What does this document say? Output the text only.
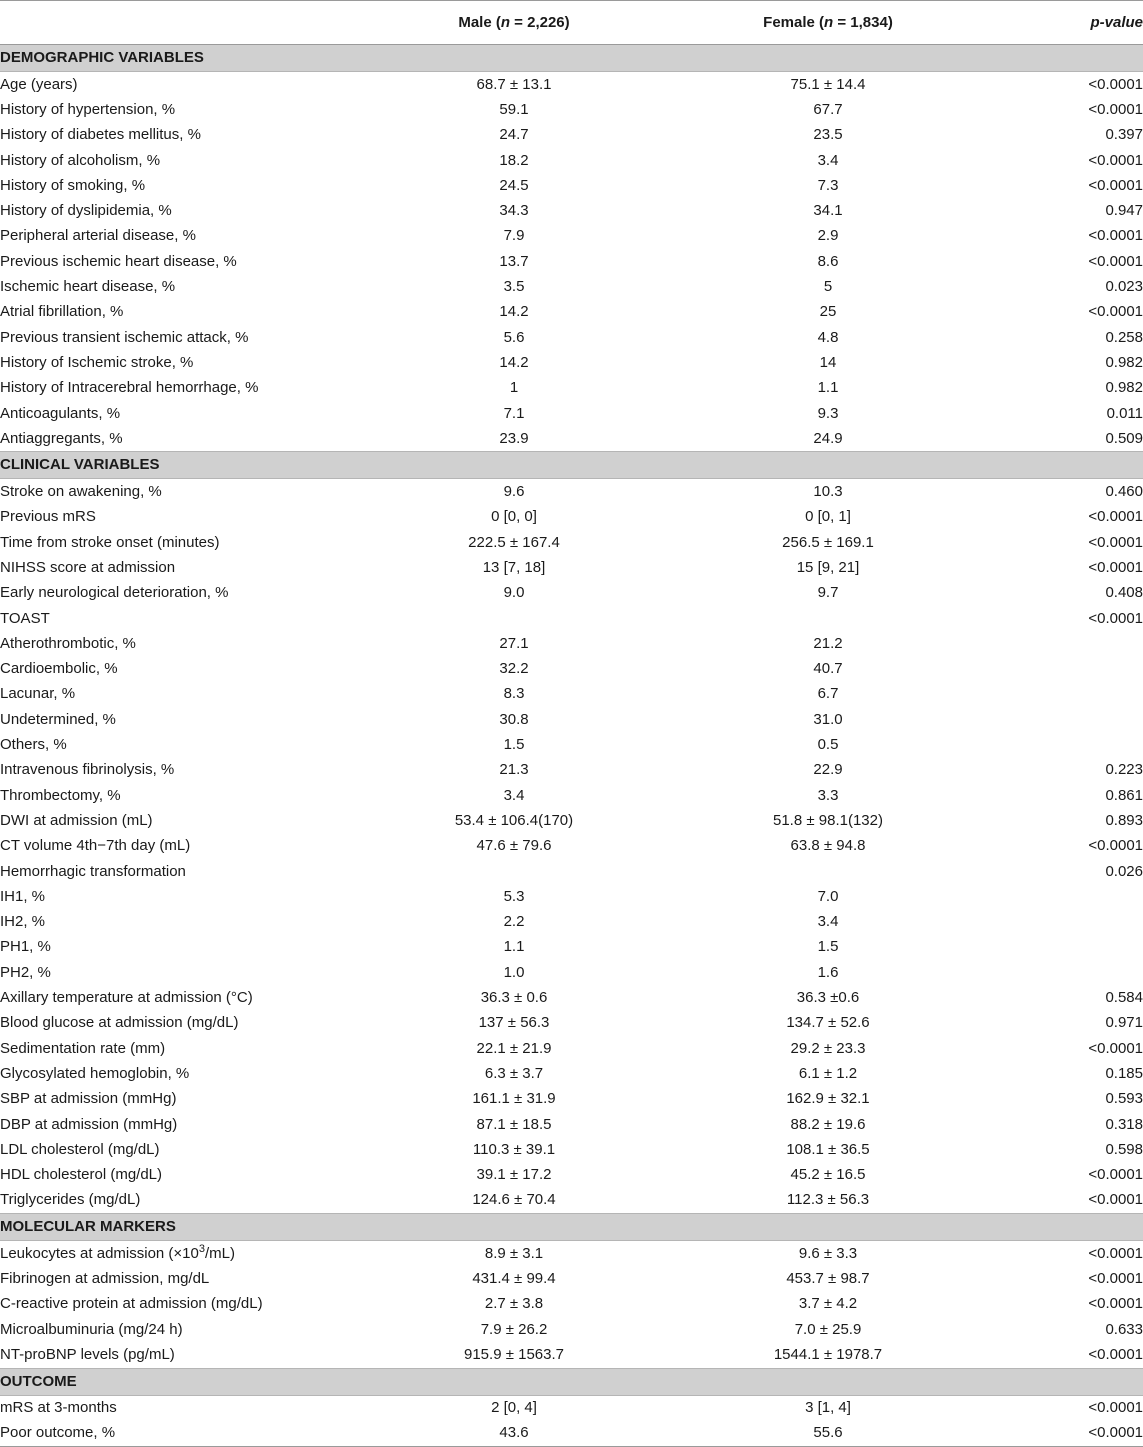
	Male (n = 2,226)	Female (n = 1,834)	p-value
DEMOGRAPHIC VARIABLES			
Age (years)	68.7 ± 13.1	75.1 ± 14.4	<0.0001
History of hypertension, %	59.1	67.7	<0.0001
History of diabetes mellitus, %	24.7	23.5	0.397
History of alcoholism, %	18.2	3.4	<0.0001
History of smoking, %	24.5	7.3	<0.0001
History of dyslipidemia, %	34.3	34.1	0.947
Peripheral arterial disease, %	7.9	2.9	<0.0001
Previous ischemic heart disease, %	13.7	8.6	<0.0001
Ischemic heart disease, %	3.5	5	0.023
Atrial fibrillation, %	14.2	25	<0.0001
Previous transient ischemic attack, %	5.6	4.8	0.258
History of Ischemic stroke, %	14.2	14	0.982
History of Intracerebral hemorrhage, %	1	1.1	0.982
Anticoagulants, %	7.1	9.3	0.011
Antiaggregants, %	23.9	24.9	0.509
CLINICAL VARIABLES			
Stroke on awakening, %	9.6	10.3	0.460
Previous mRS	0 [0, 0]	0 [0, 1]	<0.0001
Time from stroke onset (minutes)	222.5 ± 167.4	256.5 ± 169.1	<0.0001
NIHSS score at admission	13 [7, 18]	15 [9, 21]	<0.0001
Early neurological deterioration, %	9.0	9.7	0.408
TOAST			<0.0001
Atherothrombotic, %	27.1	21.2	
Cardioembolic, %	32.2	40.7	
Lacunar, %	8.3	6.7	
Undetermined, %	30.8	31.0	
Others, %	1.5	0.5	
Intravenous fibrinolysis, %	21.3	22.9	0.223
Thrombectomy, %	3.4	3.3	0.861
DWI at admission (mL)	53.4 ± 106.4(170)	51.8 ± 98.1(132)	0.893
CT volume 4th−7th day (mL)	47.6 ± 79.6	63.8 ± 94.8	<0.0001
Hemorrhagic transformation			0.026
IH1, %	5.3	7.0	
IH2, %	2.2	3.4	
PH1, %	1.1	1.5	
PH2, %	1.0	1.6	
Axillary temperature at admission (°C)	36.3 ± 0.6	36.3 ±0.6	0.584
Blood glucose at admission (mg/dL)	137 ± 56.3	134.7 ± 52.6	0.971
Sedimentation rate (mm)	22.1 ± 21.9	29.2 ± 23.3	<0.0001
Glycosylated hemoglobin, %	6.3 ± 3.7	6.1 ± 1.2	0.185
SBP at admission (mmHg)	161.1 ± 31.9	162.9 ± 32.1	0.593
DBP at admission (mmHg)	87.1 ± 18.5	88.2 ± 19.6	0.318
LDL cholesterol (mg/dL)	110.3 ± 39.1	108.1 ± 36.5	0.598
HDL cholesterol (mg/dL)	39.1 ± 17.2	45.2 ± 16.5	<0.0001
Triglycerides (mg/dL)	124.6 ± 70.4	112.3 ± 56.3	<0.0001
MOLECULAR MARKERS			
Leukocytes at admission $(\times 10^3/mL)$	8.9 ± 3.1	9.6 ± 3.3	<0.0001
Fibrinogen at admission, mg/dL	431.4 ± 99.4	453.7 ± 98.7	<0.0001
C-reactive protein at admission (mg/dL)	2.7 ± 3.8	3.7 ± 4.2	<0.0001
Microalbuminuria (mg/24 h)	7.9 ± 26.2	7.0 ± 25.9	0.633
NT-proBNP levels (pg/mL)	915.9 ± 1563.7	1544.1 ± 1978.7	<0.0001
OUTCOME			
mRS at 3-months	2 [0, 4]	3 [1, 4]	<0.0001
Poor outcome, %	43.6	55.6	<0.0001
